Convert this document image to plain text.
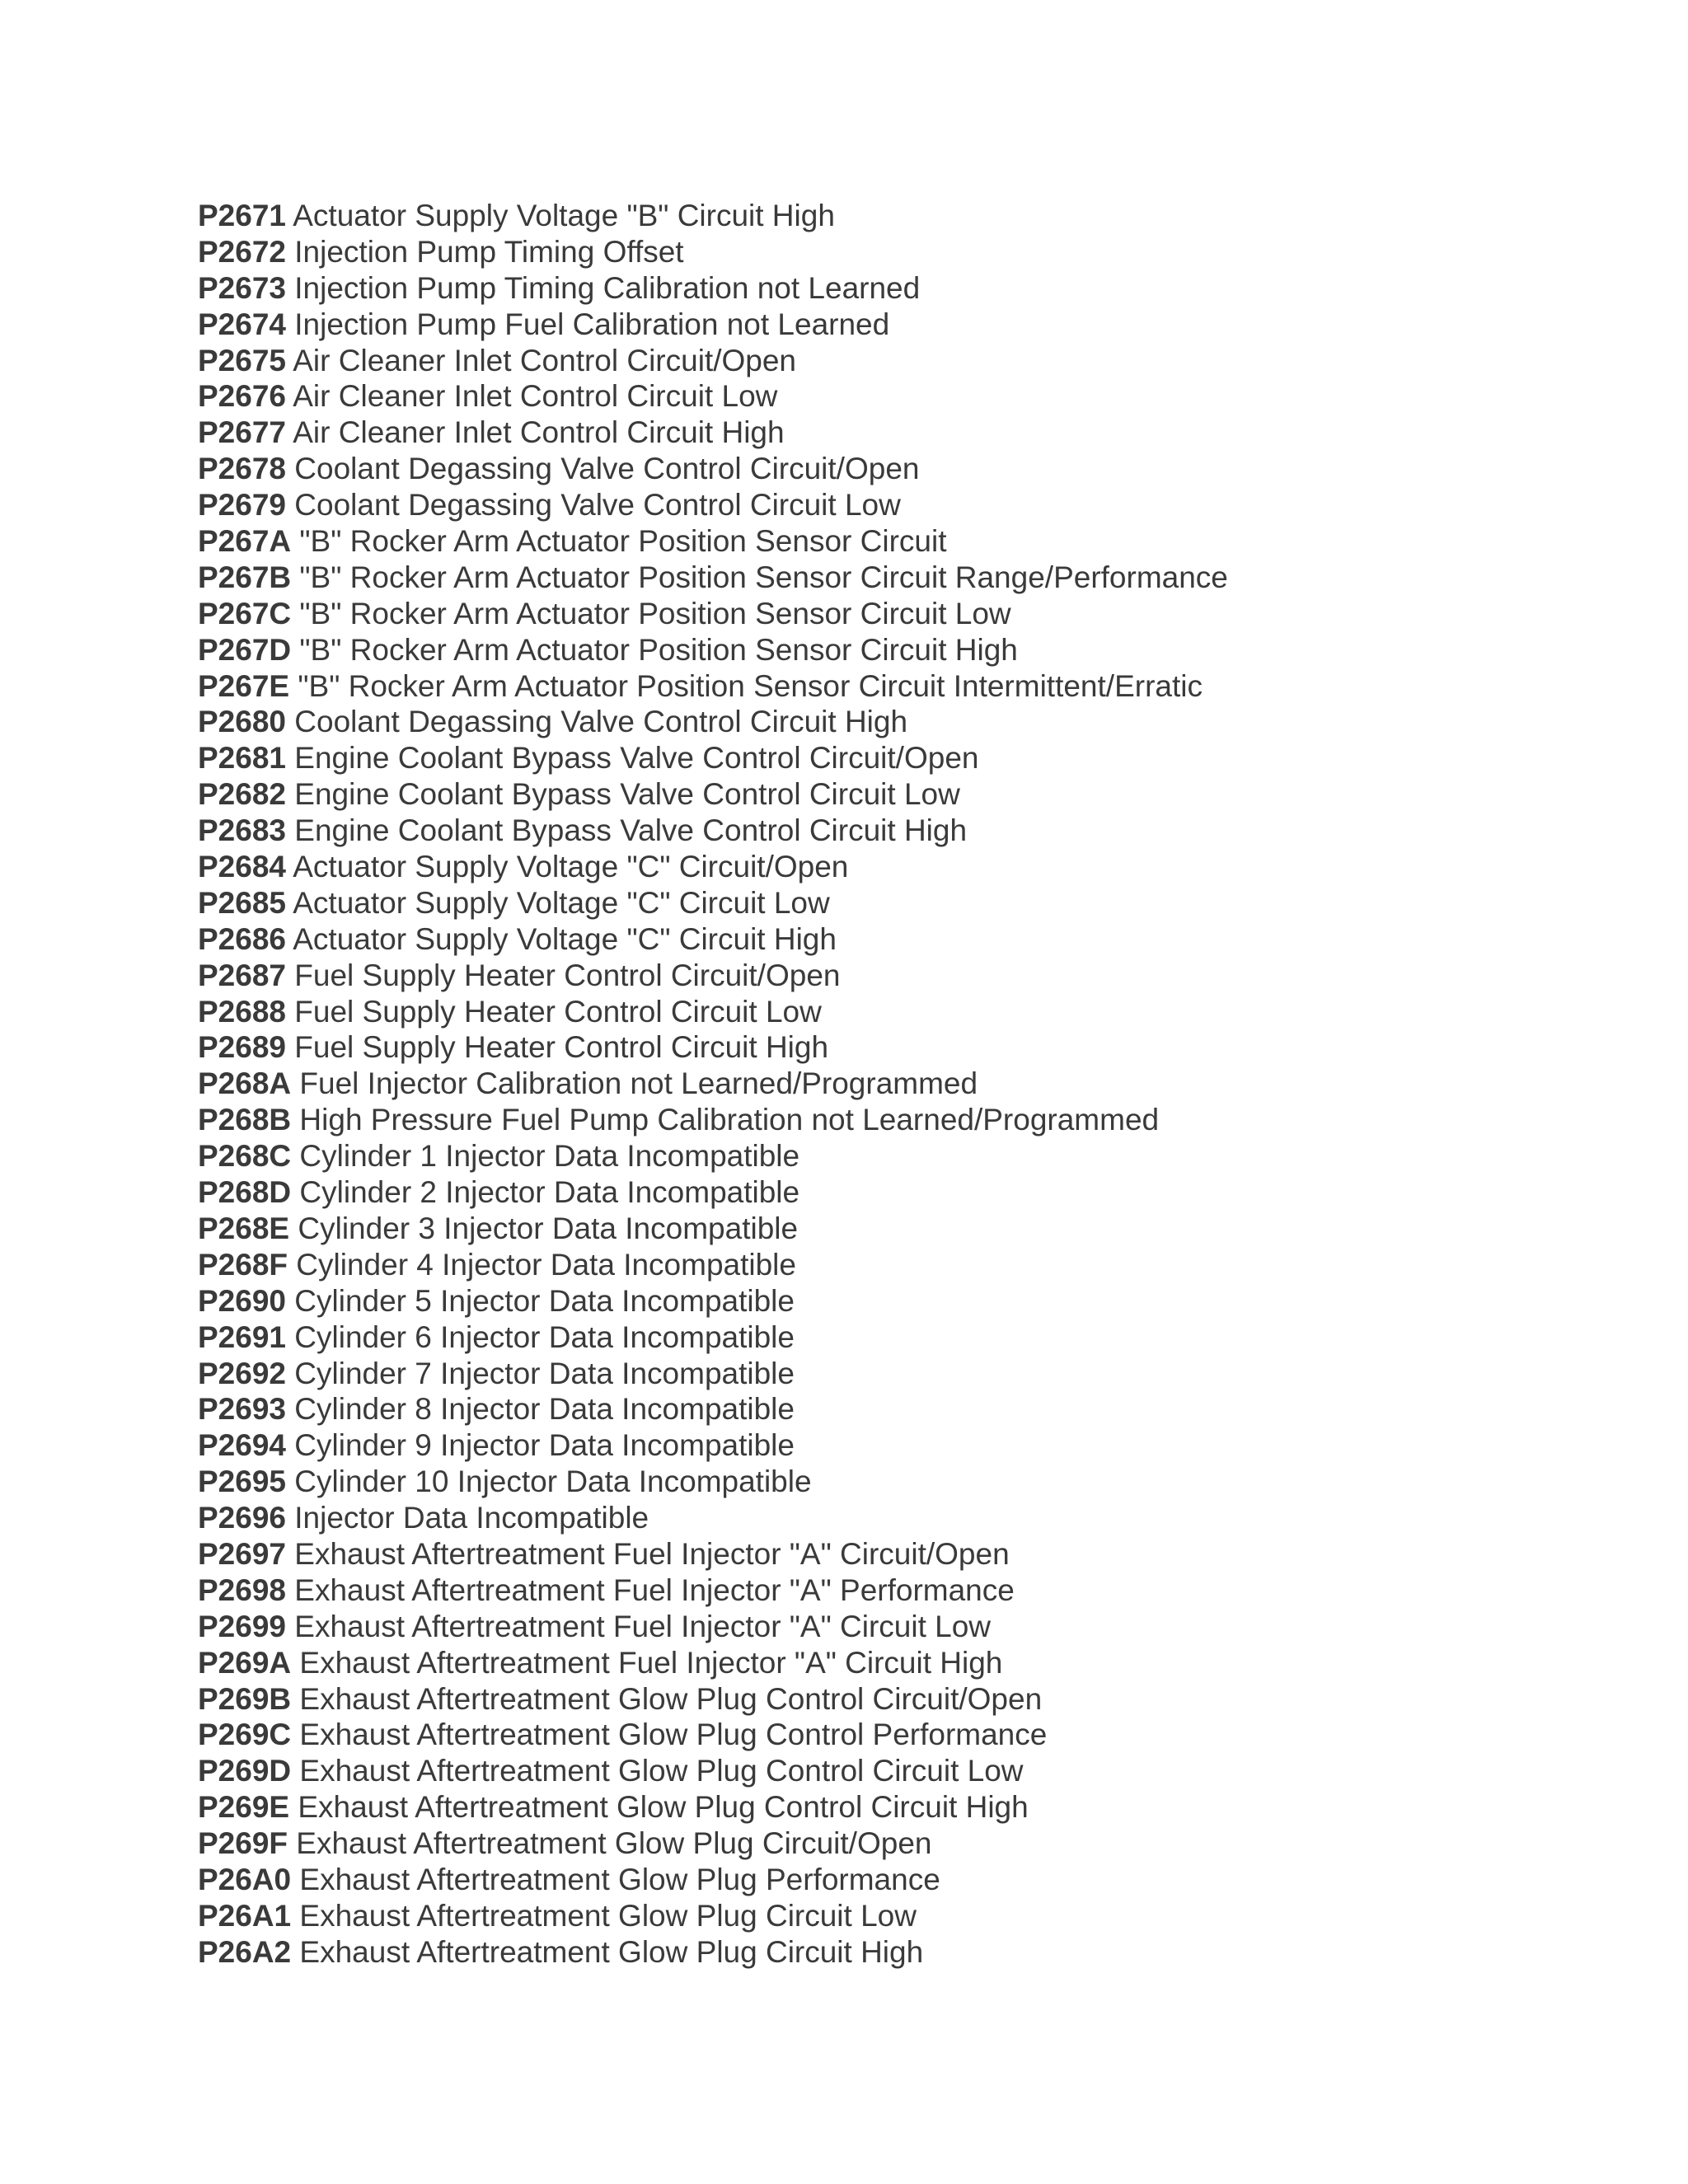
P2671 Actuator Supply Voltage "B" Circuit High
P2672 Injection Pump Timing Offset
P2673 Injection Pump Timing Calibration not Learned
P2674 Injection Pump Fuel Calibration not Learned
P2675 Air Cleaner Inlet Control Circuit/Open
P2676 Air Cleaner Inlet Control Circuit Low
P2677 Air Cleaner Inlet Control Circuit High
P2678 Coolant Degassing Valve Control Circuit/Open
P2679 Coolant Degassing Valve Control Circuit Low
P267A "B" Rocker Arm Actuator Position Sensor Circuit
P267B "B" Rocker Arm Actuator Position Sensor Circuit Range/Performance
P267C "B" Rocker Arm Actuator Position Sensor Circuit Low
P267D "B" Rocker Arm Actuator Position Sensor Circuit High
P267E "B" Rocker Arm Actuator Position Sensor Circuit Intermittent/Erratic
P2680 Coolant Degassing Valve Control Circuit High
P2681 Engine Coolant Bypass Valve Control Circuit/Open
P2682 Engine Coolant Bypass Valve Control Circuit Low
P2683 Engine Coolant Bypass Valve Control Circuit High
P2684 Actuator Supply Voltage "C" Circuit/Open
P2685 Actuator Supply Voltage "C" Circuit Low
P2686 Actuator Supply Voltage "C" Circuit High
P2687 Fuel Supply Heater Control Circuit/Open
P2688 Fuel Supply Heater Control Circuit Low
P2689 Fuel Supply Heater Control Circuit High
P268A Fuel Injector Calibration not Learned/Programmed
P268B High Pressure Fuel Pump Calibration not Learned/Programmed
P268C Cylinder 1 Injector Data Incompatible
P268D Cylinder 2 Injector Data Incompatible
P268E Cylinder 3 Injector Data Incompatible
P268F Cylinder 4 Injector Data Incompatible
P2690 Cylinder 5 Injector Data Incompatible
P2691 Cylinder 6 Injector Data Incompatible
P2692 Cylinder 7 Injector Data Incompatible
P2693 Cylinder 8 Injector Data Incompatible
P2694 Cylinder 9 Injector Data Incompatible
P2695 Cylinder 10 Injector Data Incompatible
P2696 Injector Data Incompatible
P2697 Exhaust Aftertreatment Fuel Injector "A" Circuit/Open
P2698 Exhaust Aftertreatment Fuel Injector "A" Performance
P2699 Exhaust Aftertreatment Fuel Injector "A" Circuit Low
P269A Exhaust Aftertreatment Fuel Injector "A" Circuit High
P269B Exhaust Aftertreatment Glow Plug Control Circuit/Open
P269C Exhaust Aftertreatment Glow Plug Control Performance
P269D Exhaust Aftertreatment Glow Plug Control Circuit Low
P269E Exhaust Aftertreatment Glow Plug Control Circuit High
P269F Exhaust Aftertreatment Glow Plug Circuit/Open
P26A0 Exhaust Aftertreatment Glow Plug Performance
P26A1 Exhaust Aftertreatment Glow Plug Circuit Low
P26A2 Exhaust Aftertreatment Glow Plug Circuit High
